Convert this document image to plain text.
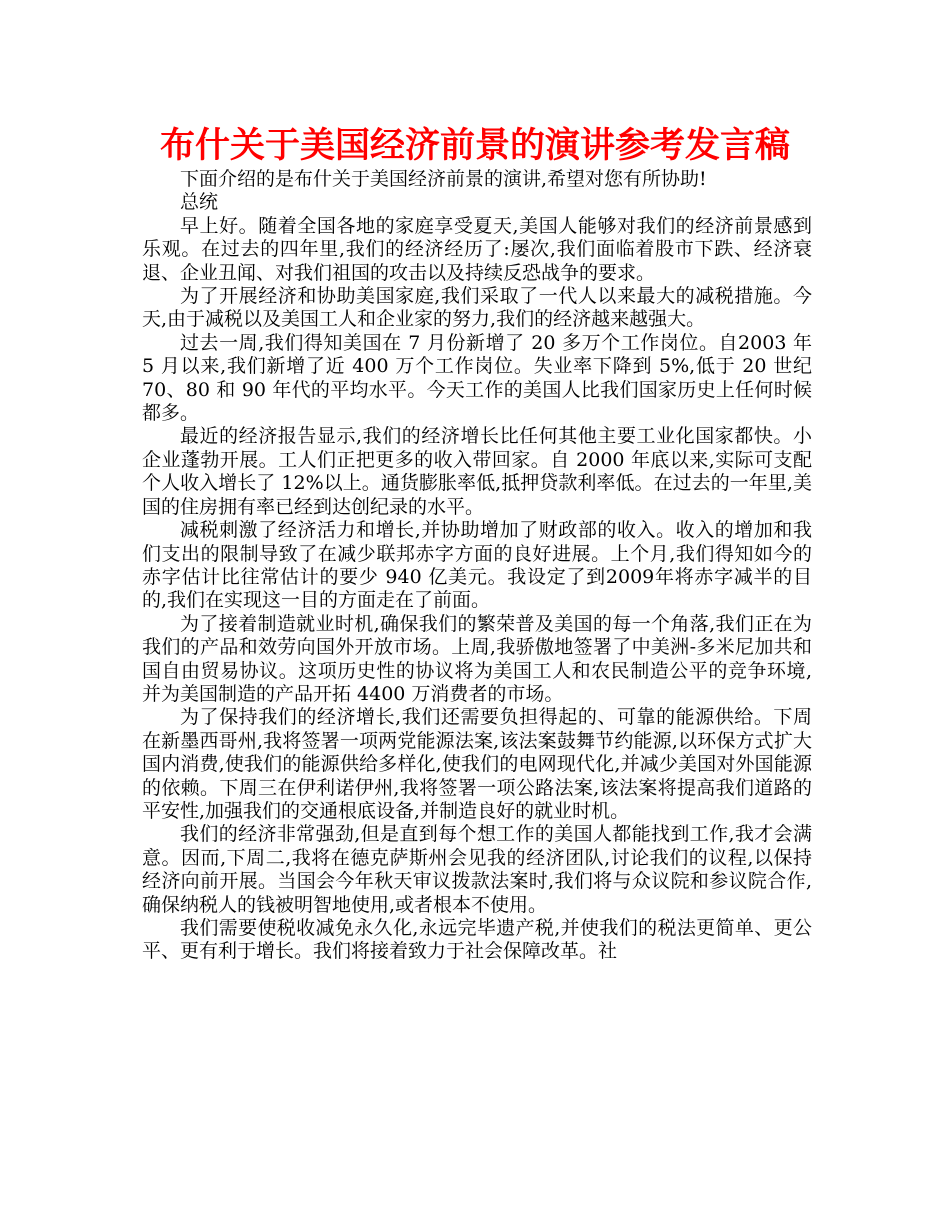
布什关于美国经济前景的演讲参考发言稿

下面介绍的是布什关于美国经济前景的演讲,希望对您有所协助!

总统

早上好。随着全国各地的家庭享受夏天,美国人能够对我们的经济前景感到乐观。在过去的四年里,我们的经济经历了:屡次,我们面临着股市下跌、经济衰退、企业丑闻、对我们祖国的攻击以及持续反恐战争的要求。

为了开展经济和协助美国家庭,我们采取了一代人以来最大的减税措施。今天,由于减税以及美国工人和企业家的努力,我们的经济越来越强大。

过去一周,我们得知美国在 7 月份新增了 20 多万个工作岗位。自2003 年 5 月以来,我们新增了近 400 万个工作岗位。失业率下降到 5%,低于 20 世纪 70、80 和 90 年代的平均水平。今天工作的美国人比我们国家历史上任何时候都多。

最近的经济报告显示,我们的经济增长比任何其他主要工业化国家都快。小企业蓬勃开展。工人们正把更多的收入带回家。自 2000 年底以来,实际可支配个人收入增长了 12%以上。通货膨胀率低,抵押贷款利率低。在过去的一年里,美国的住房拥有率已经到达创纪录的水平。

减税刺激了经济活力和增长,并协助增加了财政部的收入。收入的增加和我们支出的限制导致了在减少联邦赤字方面的良好进展。上个月,我们得知如今的赤字估计比往常估计的要少 940 亿美元。我设定了到2009年将赤字减半的目的,我们在实现这一目的方面走在了前面。

为了接着制造就业时机,确保我们的繁荣普及美国的每一个角落,我们正在为我们的产品和效劳向国外开放市场。上周,我骄傲地签署了中美洲-多米尼加共和国自由贸易协议。这项历史性的协议将为美国工人和农民制造公平的竞争环境,并为美国制造的产品开拓 4400 万消费者的市场。

为了保持我们的经济增长,我们还需要负担得起的、可靠的能源供给。下周在新墨西哥州,我将签署一项两党能源法案,该法案鼓舞节约能源,以环保方式扩大国内消费,使我们的能源供给多样化,使我们的电网现代化,并减少美国对外国能源的依赖。下周三在伊利诺伊州,我将签署一项公路法案,该法案将提高我们道路的平安性,加强我们的交通根底设备,并制造良好的就业时机。

我们的经济非常强劲,但是直到每个想工作的美国人都能找到工作,我才会满意。因而,下周二,我将在德克萨斯州会见我的经济团队,讨论我们的议程,以保持经济向前开展。当国会今年秋天审议拨款法案时,我们将与众议院和参议院合作,确保纳税人的钱被明智地使用,或者根本不使用。

我们需要使税收减免永久化,永远完毕遗产税,并使我们的税法更简单、更公平、更有利于增长。我们将接着致力于社会保障改革。社
